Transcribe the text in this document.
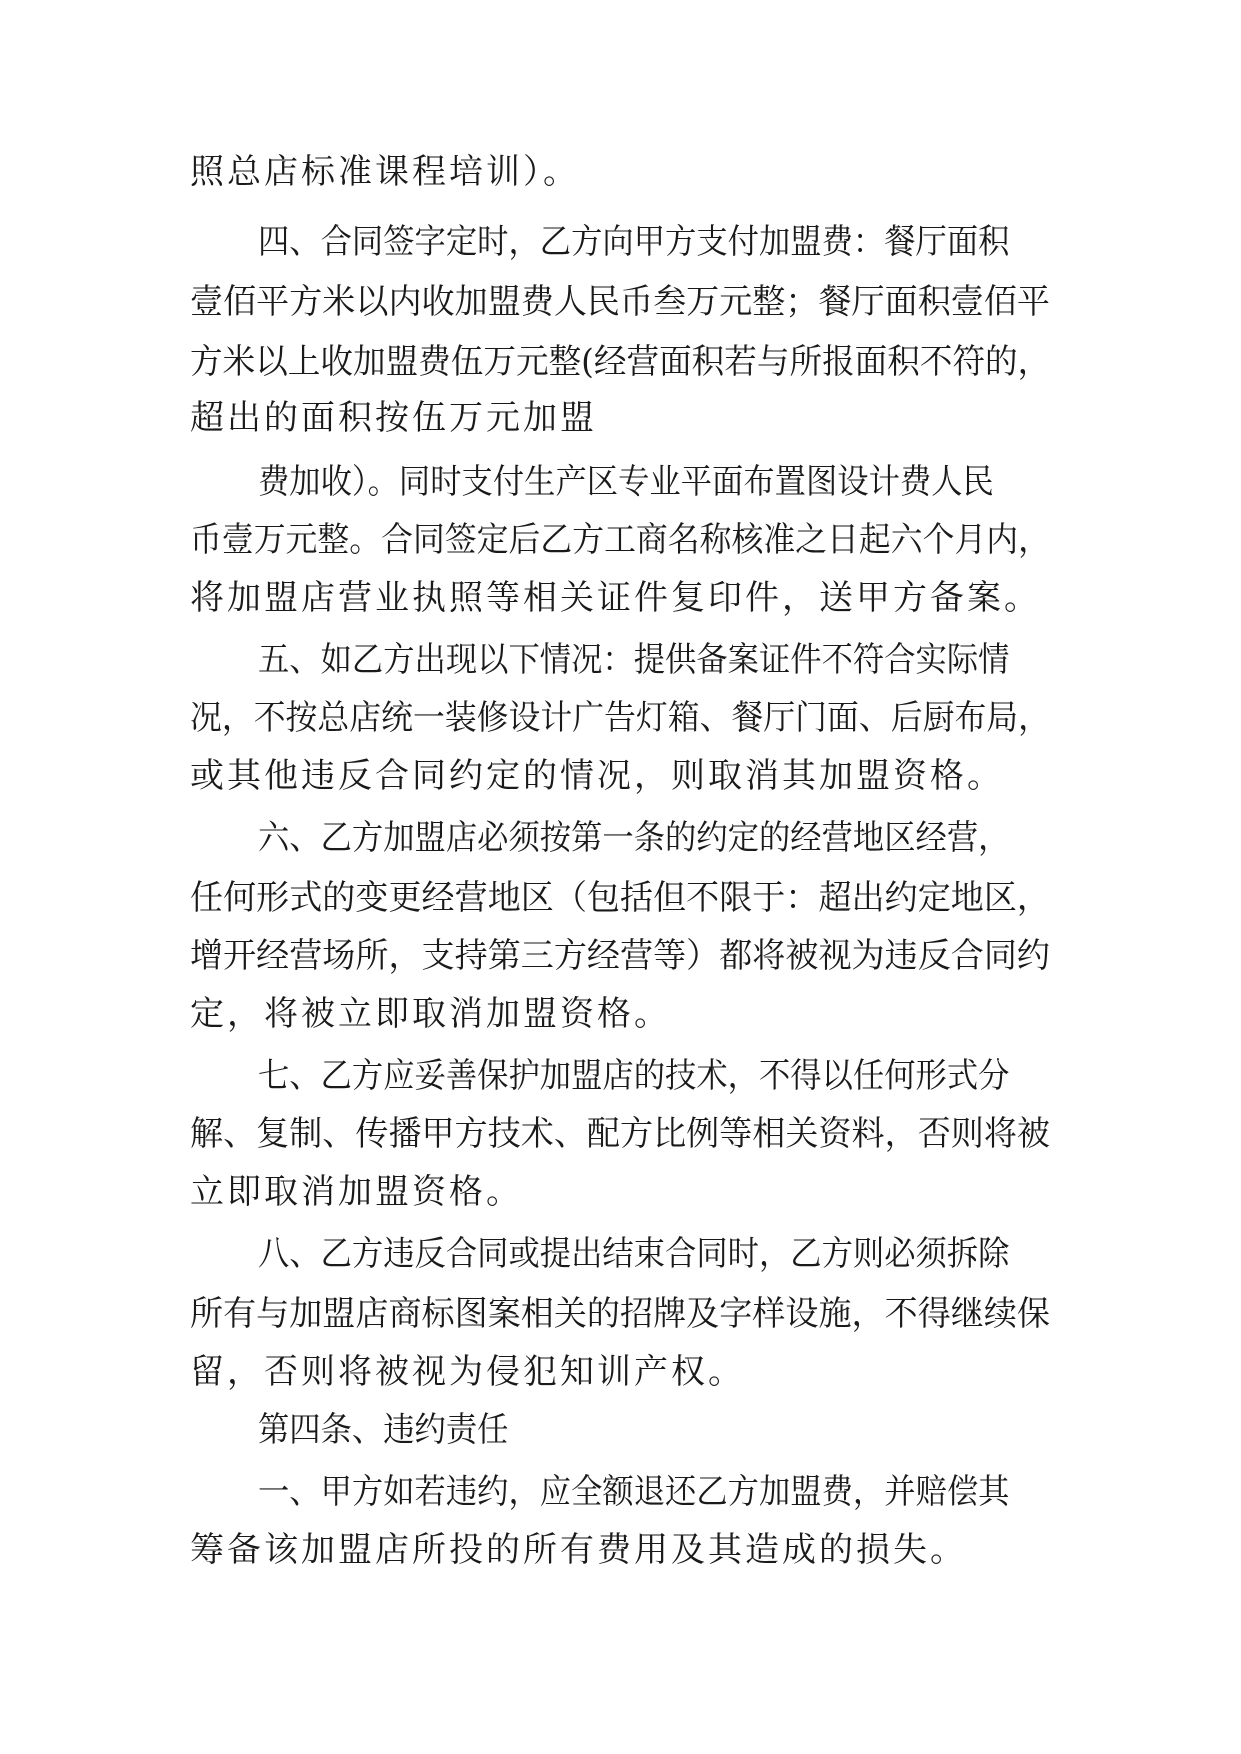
照总店标准课程培训）。

四、合同签字定时，乙方向甲方支付加盟费：餐厅面积

壹佰平方米以内收加盟费人民币叁万元整；餐厅面积壹佰平

方米以上收加盟费伍万元整(经营面积若与所报面积不符的，

超出的面积按伍万元加盟

费加收）。同时支付生产区专业平面布置图设计费人民

币壹万元整。合同签定后乙方工商名称核准之日起六个月内，

将加盟店营业执照等相关证件复印件，送甲方备案。

五、如乙方出现以下情况：提供备案证件不符合实际情

况，不按总店统一装修设计广告灯箱、餐厅门面、后厨布局，

或其他违反合同约定的情况，则取消其加盟资格。

六、乙方加盟店必须按第一条的约定的经营地区经营，

任何形式的变更经营地区（包括但不限于：超出约定地区，

增开经营场所，支持第三方经营等）都将被视为违反合同约

定，将被立即取消加盟资格。

七、乙方应妥善保护加盟店的技术，不得以任何形式分

解、复制、传播甲方技术、配方比例等相关资料，否则将被

立即取消加盟资格。

八、乙方违反合同或提出结束合同时，乙方则必须拆除

所有与加盟店商标图案相关的招牌及字样设施，不得继续保

留，否则将被视为侵犯知训产权。

第四条、违约责任

一、甲方如若违约，应全额退还乙方加盟费，并赔偿其

筹备该加盟店所投的所有费用及其造成的损失。
